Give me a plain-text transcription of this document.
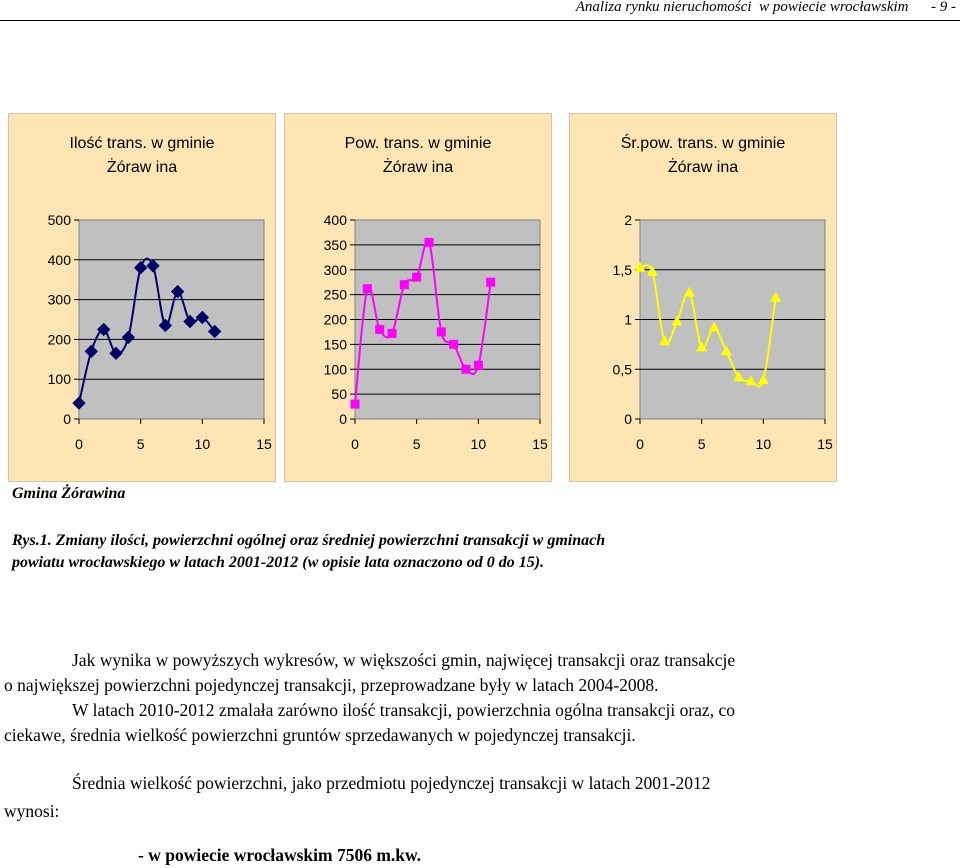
Analiza rynku nieruchomości  w powiecie wrocławskim      - 9 -
0
100
200
300
400
500
0	5	10	15
Ilość trans. w gminie
Żóraw ina
0
50
100
150
200
250
300
350
400
0	5	10	15
Pow. trans. w gminie
Żóraw ina
0
0,5
1
1,5
2
0	5	10	15
Śr.pow. trans. w gminie
Żóraw ina
Gmina Żórawina
Rys.1. Zmiany ilości, powierzchni ogólnej oraz średniej powierzchni transakcji w gminach
powiatu wrocławskiego w latach 2001-2012 (w opisie lata oznaczono od 0 do 15).
Jak wynika w powyższych wykresów, w większości gmin, najwięcej transakcji oraz transakcje
o największej powierzchni pojedynczej transakcji, przeprowadzane były w latach 2004-2008.
W latach 2010-2012 zmalała zarówno ilość transakcji, powierzchnia ogólna transakcji oraz, co
ciekawe, średnia wielkość powierzchni gruntów sprzedawanych w pojedynczej transakcji.
Średnia wielkość powierzchni, jako przedmiotu pojedynczej transakcji w latach 2001-2012
wynosi:
- w powiecie wrocławskim 7506 m.kw.
